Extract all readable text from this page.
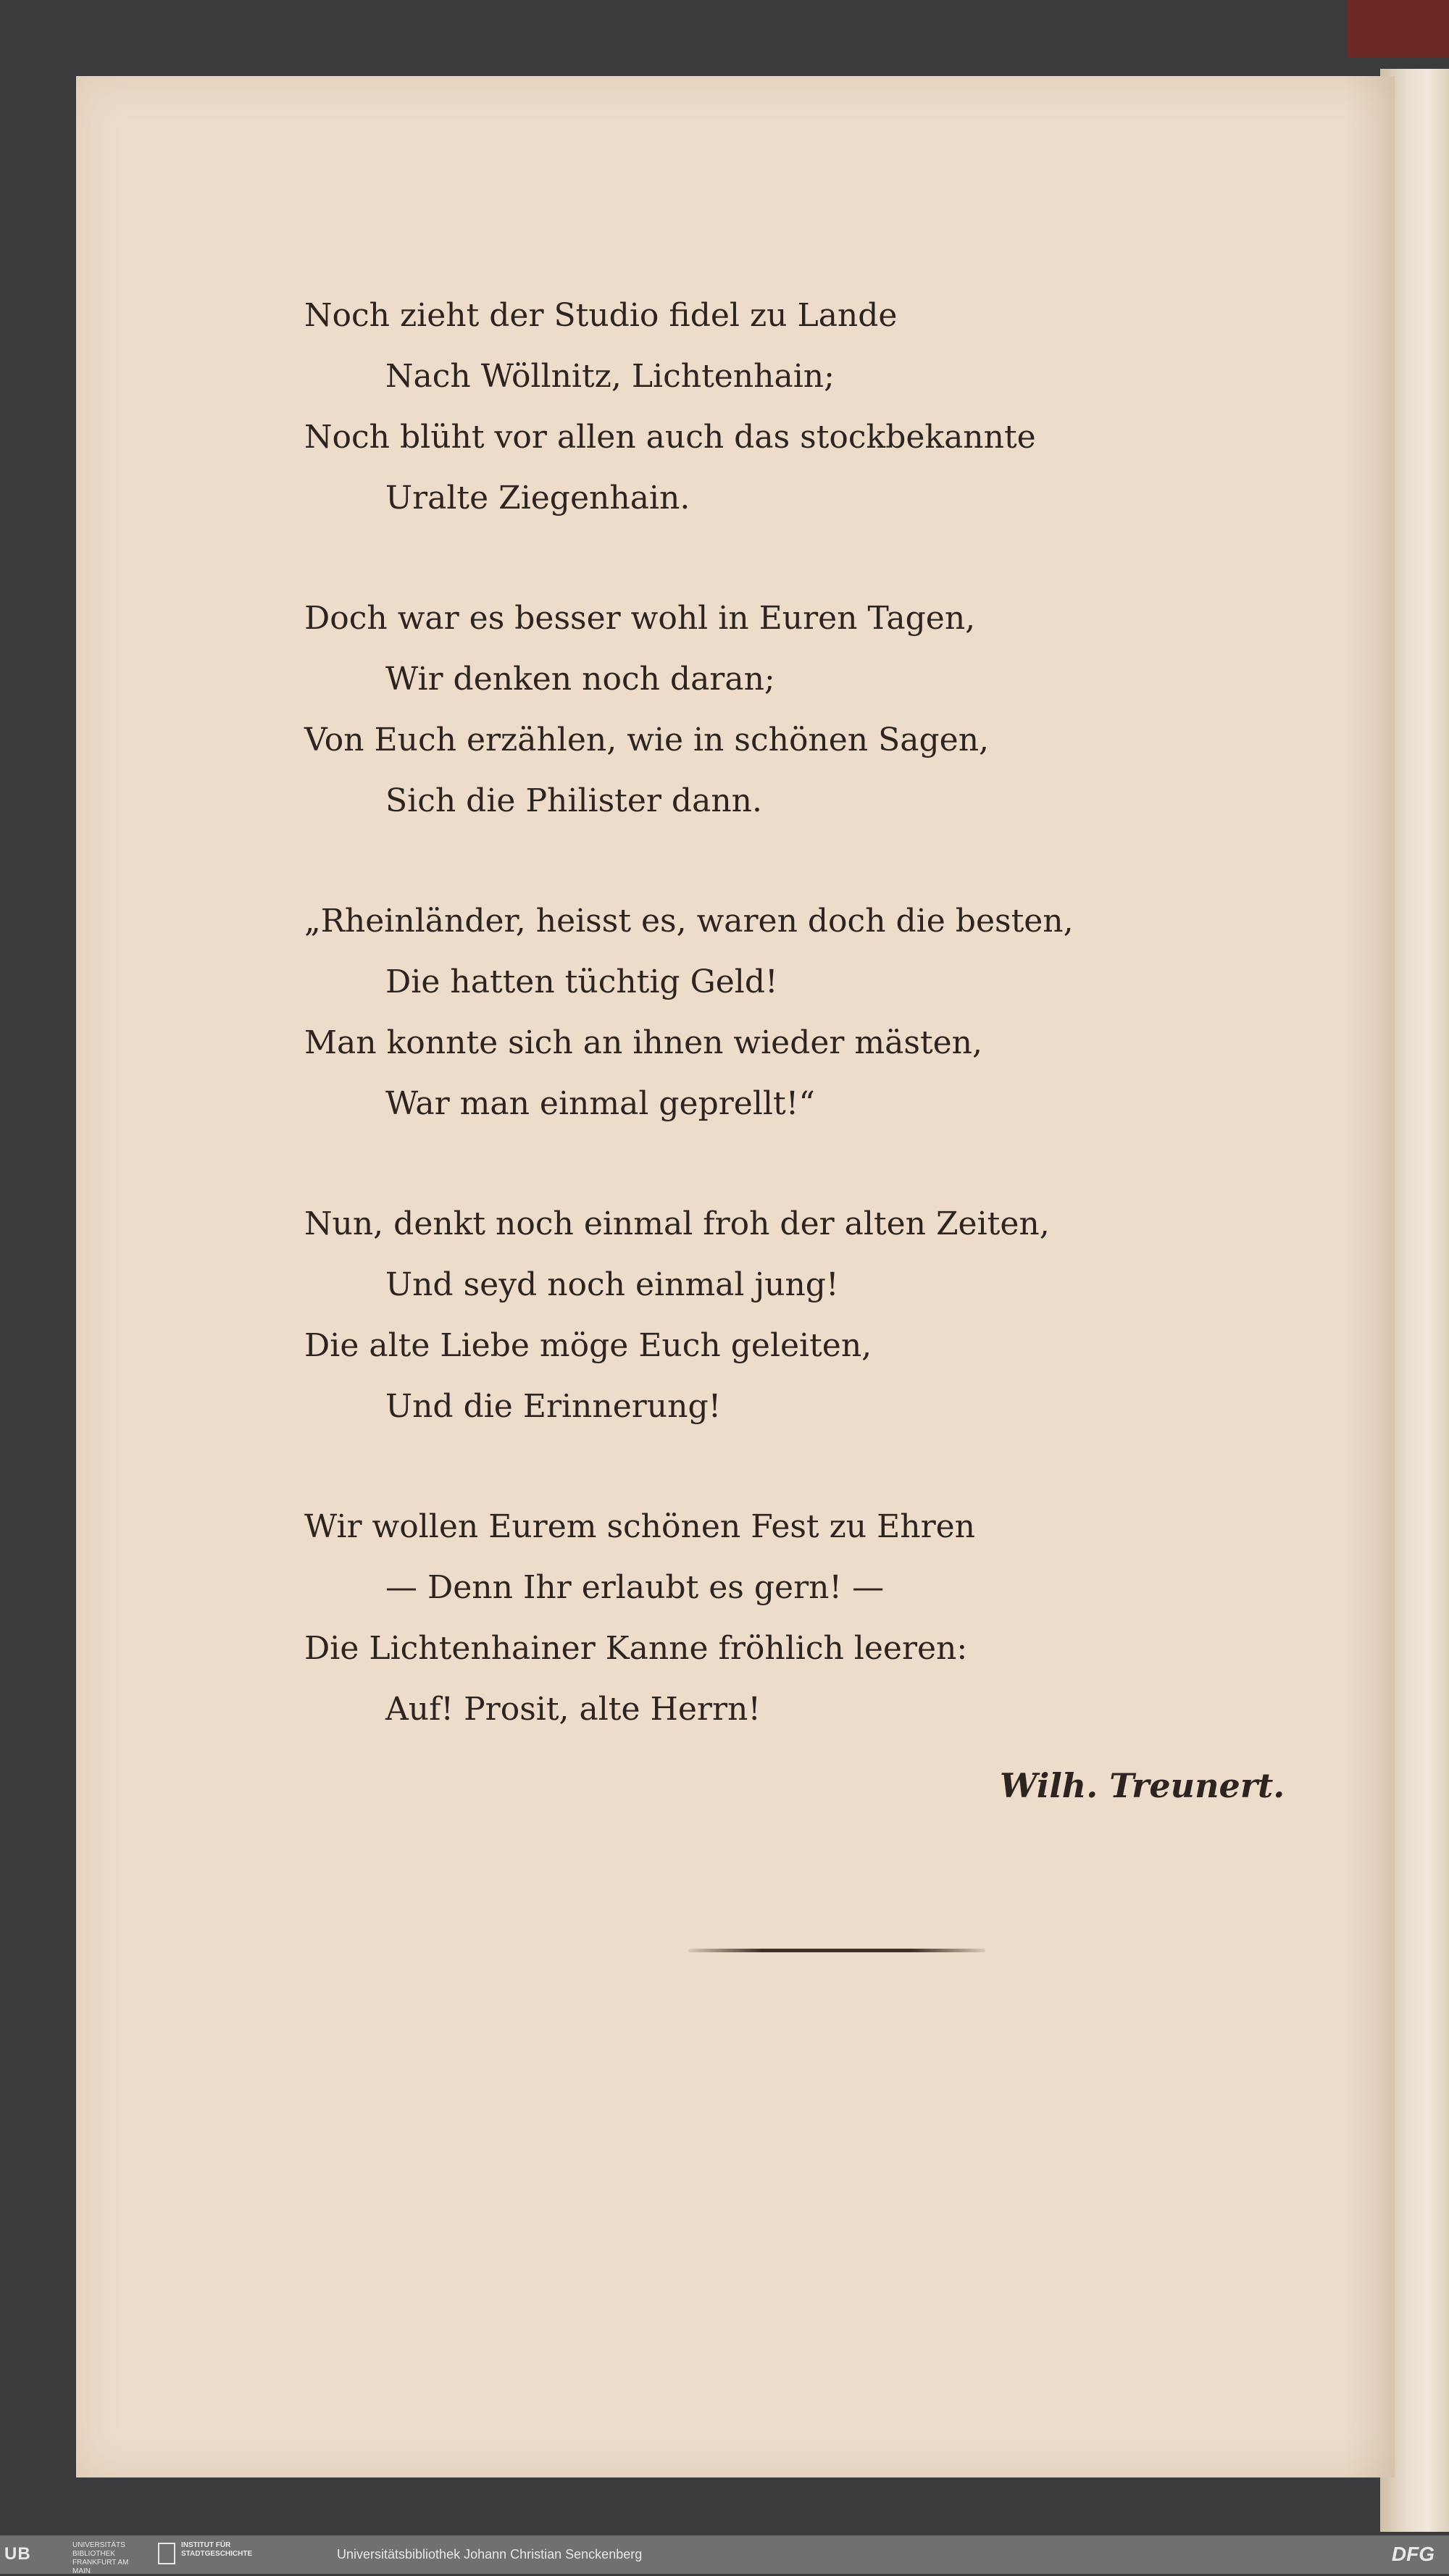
Noch zieht der Studio fidel zu Lande
Nach Wöllnitz, Lichtenhain;
Noch blüht vor allen auch das stockbekannte
Uralte Ziegenhain.
Doch war es besser wohl in Euren Tagen,
Wir denken noch daran;
Von Euch erzählen, wie in schönen Sagen,
Sich die Philister dann.
„Rheinländer, heisst es, waren doch die besten,
Die hatten tüchtig Geld!
Man konnte sich an ihnen wieder mästen,
War man einmal geprellt!“
Nun, denkt noch einmal froh der alten Zeiten,
Und seyd noch einmal jung!
Die alte Liebe möge Euch geleiten,
Und die Erinnerung!
Wir wollen Eurem schönen Fest zu Ehren
— Denn Ihr erlaubt es gern! —
Die Lichtenhainer Kanne fröhlich leeren:
Auf! Prosit, alte Herrn!
Wilh. Treunert.
UB	UNIVERSITÄTS BIBLIOTHEK FRANKFURT AM MAIN
INSTITUT FÜR STADTGESCHICHTE	Universitätsbibliothek Johann Christian Senckenberg	DFG
